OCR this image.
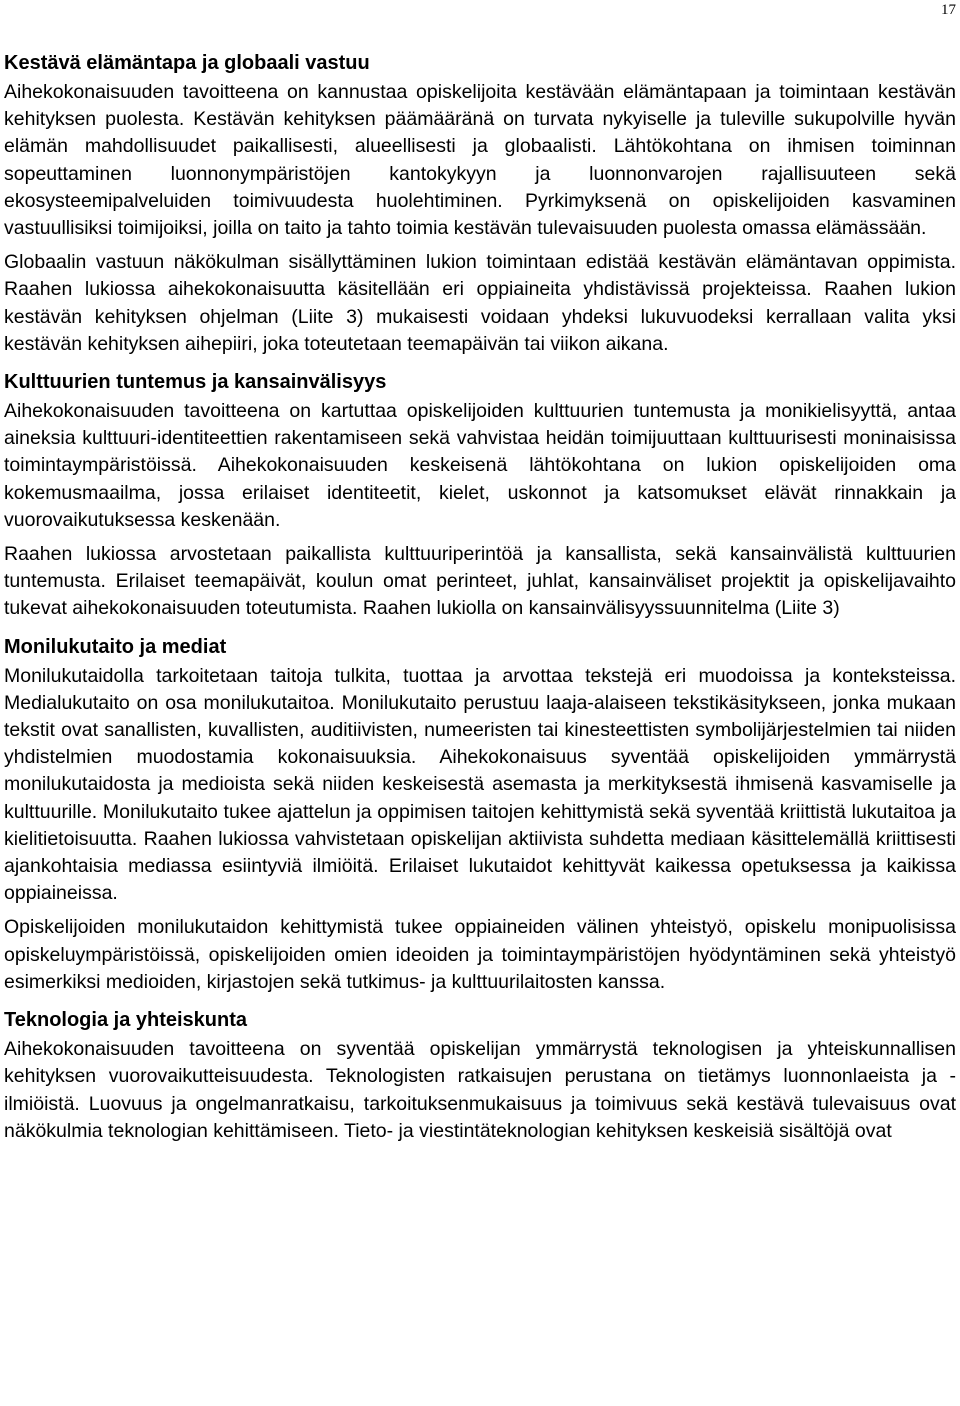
17
Kestävä elämäntapa ja globaali vastuu

Aihekokonaisuuden tavoitteena on kannustaa opiskelijoita kestävään elämäntapaan ja toimintaan kestävän kehityksen puolesta. Kestävän kehityksen päämääränä on turvata nykyiselle ja tuleville sukupolville hyvän elämän mahdollisuudet paikallisesti, alueellisesti ja globaalisti. Lähtökohtana on ihmisen toiminnan sopeuttaminen luonnonympäristöjen kantokykyyn ja luonnonvarojen rajallisuuteen sekä ekosysteemipalveluiden toimivuudesta huolehtiminen. Pyrkimyksenä on opiskelijoiden kasvaminen vastuullisiksi toimijoiksi, joilla on taito ja tahto toimia kestävän tulevaisuuden puolesta omassa elämässään.

Globaalin vastuun näkökulman sisällyttäminen lukion toimintaan edistää kestävän elämäntavan oppimista. Raahen lukiossa aihekokonaisuutta käsitellään eri oppiaineita yhdistävissä projekteissa. Raahen lukion kestävän kehityksen ohjelman (Liite 3) mukaisesti voidaan yhdeksi lukuvuodeksi kerrallaan valita yksi kestävän kehityksen aihepiiri, joka toteutetaan teemapäivän tai viikon aikana.

Kulttuurien tuntemus ja kansainvälisyys

Aihekokonaisuuden tavoitteena on kartuttaa opiskelijoiden kulttuurien tuntemusta ja monikielisyyttä, antaa aineksia kulttuuri-identiteettien rakentamiseen sekä vahvistaa heidän toimijuuttaan kulttuurisesti moninaisissa toimintaympäristöissä. Aihekokonaisuuden keskeisenä lähtökohtana on lukion opiskelijoiden oma kokemusmaailma, jossa erilaiset identiteetit, kielet, uskonnot ja katsomukset elävät rinnakkain ja vuorovaikutuksessa keskenään.

Raahen lukiossa arvostetaan paikallista kulttuuriperintöä ja kansallista, sekä kansainvälistä kulttuurien tuntemusta. Erilaiset teemapäivät, koulun omat perinteet, juhlat, kansainväliset projektit ja opiskelijavaihto tukevat aihekokonaisuuden toteutumista. Raahen lukiolla on kansainvälisyyssuunnitelma (Liite 3)

Monilukutaito ja mediat

Monilukutaidolla tarkoitetaan taitoja tulkita, tuottaa ja arvottaa tekstejä eri muodoissa ja konteksteissa. Medialukutaito on osa monilukutaitoa. Monilukutaito perustuu laaja-alaiseen tekstikäsitykseen, jonka mukaan tekstit ovat sanallisten, kuvallisten, auditiivisten, numeeristen tai kinesteettisten symbolijärjestelmien tai niiden yhdistelmien muodostamia kokonaisuuksia. Aihekokonaisuus syventää opiskelijoiden ymmärrystä monilukutaidosta ja medioista sekä niiden keskeisestä asemasta ja merkityksestä ihmisenä kasvamiselle ja kulttuurille. Monilukutaito tukee ajattelun ja oppimisen taitojen kehittymistä sekä syventää kriittistä lukutaitoa ja kielitietoisuutta. Raahen lukiossa vahvistetaan opiskelijan aktiivista suhdetta mediaan käsittelemällä kriittisesti ajankohtaisia mediassa esiintyviä ilmiöitä. Erilaiset lukutaidot kehittyvät kaikessa opetuksessa ja kaikissa oppiaineissa.

Opiskelijoiden monilukutaidon kehittymistä tukee oppiaineiden välinen yhteistyö, opiskelu monipuolisissa opiskeluympäristöissä, opiskelijoiden omien ideoiden ja toimintaympäristöjen hyödyntäminen sekä yhteistyö esimerkiksi medioiden, kirjastojen sekä tutkimus- ja kulttuurilaitosten kanssa.

Teknologia ja yhteiskunta

Aihekokonaisuuden tavoitteena on syventää opiskelijan ymmärrystä teknologisen ja yhteiskunnallisen kehityksen vuorovaikutteisuudesta. Teknologisten ratkaisujen perustana on tietämys luonnonlaeista ja -ilmiöistä. Luovuus ja ongelmanratkaisu, tarkoituksenmukaisuus ja toimivuus sekä kestävä tulevaisuus ovat näkökulmia teknologian kehittämiseen. Tieto- ja viestintäteknologian kehityksen keskeisiä sisältöjä ovat
